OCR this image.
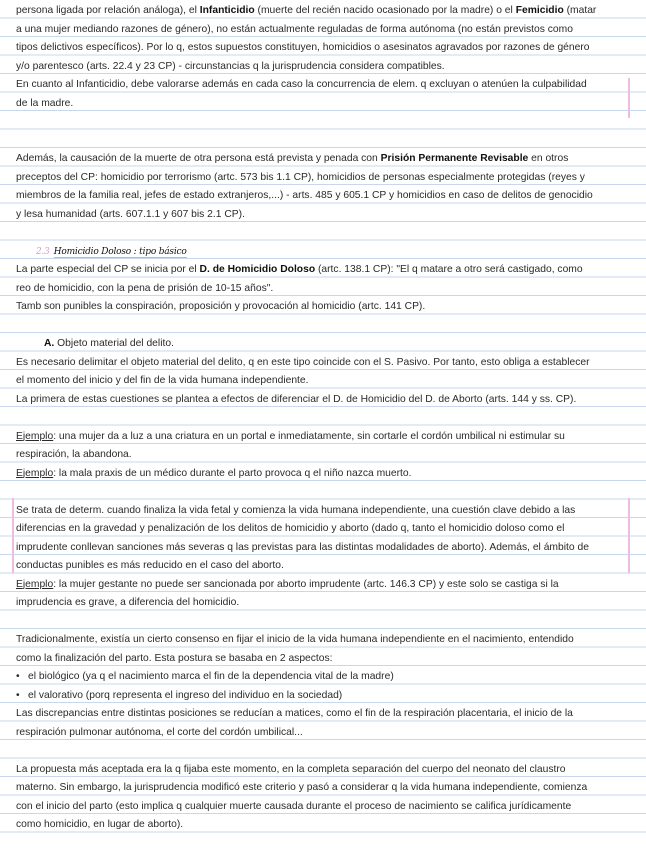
persona ligada por relación análoga), el Infanticidio (muerte del recién nacido ocasionado por la madre) o el Femicidio (matar
a una mujer mediando razones de género), no están actualmente reguladas de forma autónoma (no están previstos como
tipos delictivos específicos). Por lo q, estos supuestos constituyen, homicidios o asesinatos agravados por razones de género
y/o parentesco (arts. 22.4 y 23 CP) - circunstancias q la jurisprudencia considera compatibles.
En cuanto al Infanticidio, debe valorarse además en cada caso la concurrencia de elem. q excluyan o atenúen la culpabilidad
de la madre.
Además, la causación de la muerte de otra persona está prevista y penada con Prisión Permanente Revisable en otros
preceptos del CP: homicidio por terrorismo (artc. 573 bis 1.1 CP), homicidios de personas especialmente protegidas (reyes y
miembros de la familia real, jefes de estado extranjeros,...) - arts. 485 y 605.1 CP y homicidios en caso de delitos de genocidio
y lesa humanidad (arts. 607.1.1 y 607 bis 2.1 CP).
2.3 Homicidio Doloso : tipo básico
La parte especial del CP se inicia por el D. de Homicidio Doloso (artc. 138.1 CP): "El q matare a otro será castigado, como
reo de homicidio, con la pena de prisión de 10-15 años".
Tamb son punibles la conspiración, proposición y provocación al homicidio (artc. 141 CP).
A. Objeto material del delito.
Es necesario delimitar el objeto material del delito, q en este tipo coincide con el S. Pasivo. Por tanto, esto obliga a establecer
el momento del inicio y del fin de la vida humana independiente.
La primera de estas cuestiones se plantea a efectos de diferenciar el D. de Homicidio del D. de Aborto (arts. 144 y ss. CP).
Ejemplo: una mujer da a luz a una criatura en un portal e inmediatamente, sin cortarle el cordón umbilical ni estimular su
respiración, la abandona.
Ejemplo: la mala praxis de un médico durante el parto provoca q el niño nazca muerto.
Se trata de determ. cuando finaliza la vida fetal y comienza la vida humana independiente, una cuestión clave debido a las
diferencias en la gravedad y penalización de los delitos de homicidio y aborto (dado q, tanto el homicidio doloso como el
imprudente conllevan sanciones más severas q las previstas para las distintas modalidades de aborto). Además, el ámbito de
conductas punibles es más reducido en el caso del aborto.
Ejemplo: la mujer gestante no puede ser sancionada por aborto imprudente (artc. 146.3 CP) y este solo se castiga si la
imprudencia es grave, a diferencia del homicidio.
Tradicionalmente, existía un cierto consenso en fijar el inicio de la vida humana independiente en el nacimiento, entendido
como la finalización del parto. Esta postura se basaba en 2 aspectos:
• el biológico (ya q el nacimiento marca el fin de la dependencia vital de la madre)
• el valorativo (porq representa el ingreso del individuo en la sociedad)
Las discrepancias entre distintas posiciones se reducían a matices, como el fin de la respiración placentaria, el inicio de la
respiración pulmonar autónoma, el corte del cordón umbilical...
La propuesta más aceptada era la q fijaba este momento, en la completa separación del cuerpo del neonato del claustro
materno. Sin embargo, la jurisprudencia modificó este criterio y pasó a considerar q la vida humana independiente, comienza
con el inicio del parto (esto implica q cualquier muerte causada durante el proceso de nacimiento se califica jurídicamente
como homicidio, en lugar de aborto).
